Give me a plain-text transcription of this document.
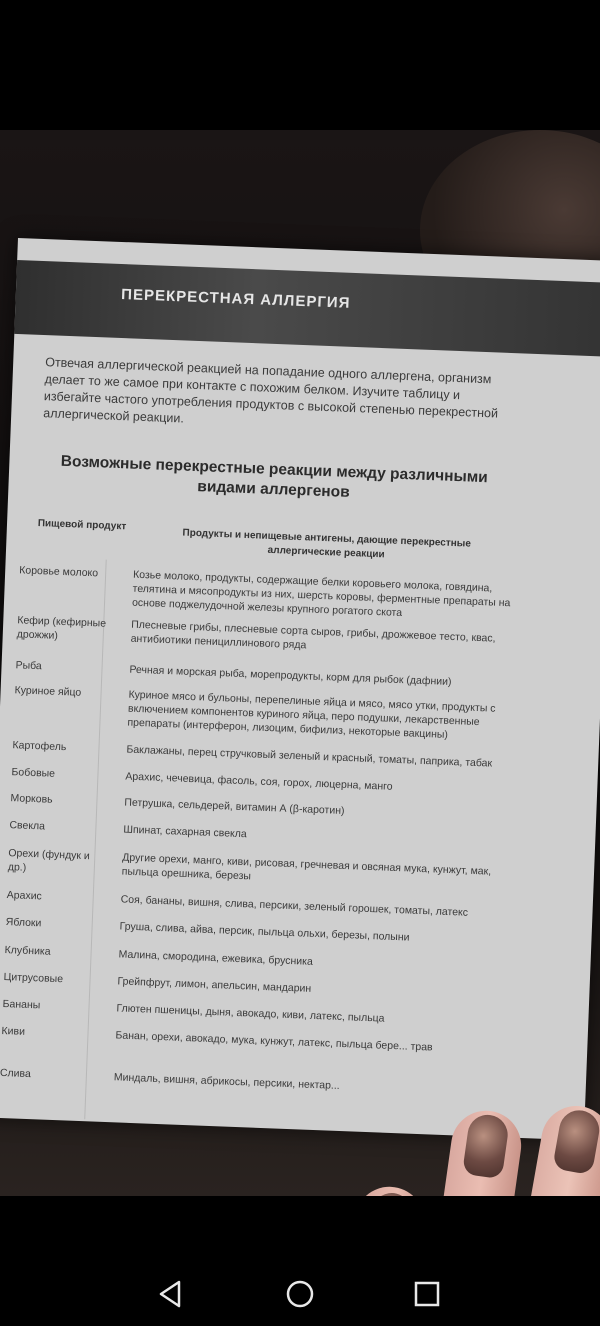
ПЕРЕКРЕСТНАЯ АЛЛЕРГИЯ
Отвечая аллергической реакцией на попадание одного аллергена, организм делает то же самое при контакте с похожим белком. Изучите таблицу и избегайте частого употребления продуктов с высокой степенью перекрестной аллергической реакции.
Возможные перекрестные реакции между различными видами аллергенов
Пищевой продукт
Продукты и непищевые антигены, дающие перекрестные аллергические реакции
Коровье молоко	Козье молоко, продукты, содержащие белки коровьего молока, говядина, телятина и мясопродукты из них, шерсть коровы, ферментные препараты на основе поджелудочной железы крупного рогатого скота
Кефир (кефирные дрожжи)	Плесневые грибы, плесневые сорта сыров, грибы, дрожжевое тесто, квас, антибиотики пенициллинового ряда
Рыба	Речная и морская рыба, морепродукты, корм для рыбок (дафнии)
Куриное яйцо	Куриное мясо и бульоны, перепелиные яйца и мясо, мясо утки, продукты с включением компонентов куриного яйца, перо подушки, лекарственные препараты (интерферон, лизоцим, бифилиз, некоторые вакцины)
Картофель	Баклажаны, перец стручковый зеленый и красный, томаты, паприка, табак
Бобовые	Арахис, чечевица, фасоль, соя, горох, люцерна, манго
Морковь	Петрушка, сельдерей, витамин А (β-каротин)
Свекла	Шпинат, сахарная свекла
Орехи (фундук и др.)	Другие орехи, манго, киви, рисовая, гречневая и овсяная мука, кунжут, мак, пыльца орешника, березы
Арахис	Соя, бананы, вишня, слива, персики, зеленый горошек, томаты, латекс
Яблоки	Груша, слива, айва, персик, пыльца ольхи, березы, полыни
Клубника	Малина, смородина, ежевика, брусника
Цитрусовые	Грейпфрут, лимон, апельсин, мандарин
Бананы	Глютен пшеницы, дыня, авокадо, киви, латекс, пыльца
Киви	Банан, орехи, авокадо, мука, кунжут, латекс, пыльца бере... трав
Слива	Миндаль, вишня, абрикосы, персики, нектар...
